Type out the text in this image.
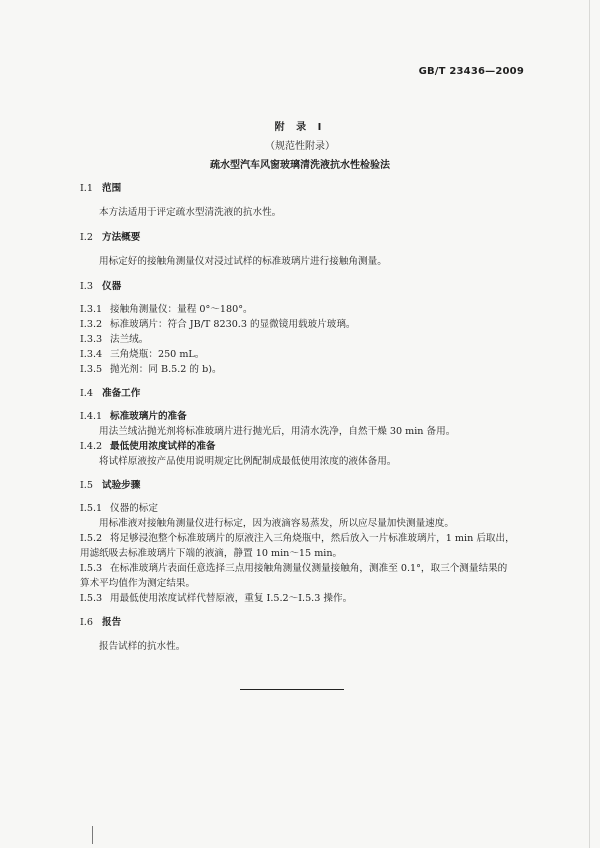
GB/T 23436—2009
附 录 I
（规范性附录）
疏水型汽车风窗玻璃清洗液抗水性检验法
I.1 范围
本方法适用于评定疏水型清洗液的抗水性。
I.2 方法概要
用标定好的接触角测量仪对浸过试样的标准玻璃片进行接触角测量。
I.3 仪器
I.3.1 接触角测量仪：量程 0°～180°。
I.3.2 标准玻璃片：符合 JB/T 8230.3 的显微镜用载玻片玻璃。
I.3.3 法兰绒。
I.3.4 三角烧瓶：250 mL。
I.3.5 抛光剂：同 B.5.2 的 b)。
I.4 准备工作
I.4.1 标准玻璃片的准备
用法兰绒沾抛光剂将标准玻璃片进行抛光后，用清水洗净，自然干燥 30 min 备用。
I.4.2 最低使用浓度试样的准备
将试样原液按产品使用说明规定比例配制成最低使用浓度的液体备用。
I.5 试验步骤
I.5.1 仪器的标定
用标准液对接触角测量仪进行标定，因为液滴容易蒸发，所以应尽量加快测量速度。
I.5.2 将足够浸泡整个标准玻璃片的原液注入三角烧瓶中，然后放入一片标准玻璃片，1 min 后取出，
用滤纸吸去标准玻璃片下端的液滴，静置 10 min～15 min。
I.5.3 在标准玻璃片表面任意选择三点用接触角测量仪测量接触角，测准至 0.1°，取三个测量结果的
算术平均值作为测定结果。
I.5.3 用最低使用浓度试样代替原液，重复 I.5.2～I.5.3 操作。
I.6 报告
报告试样的抗水性。
